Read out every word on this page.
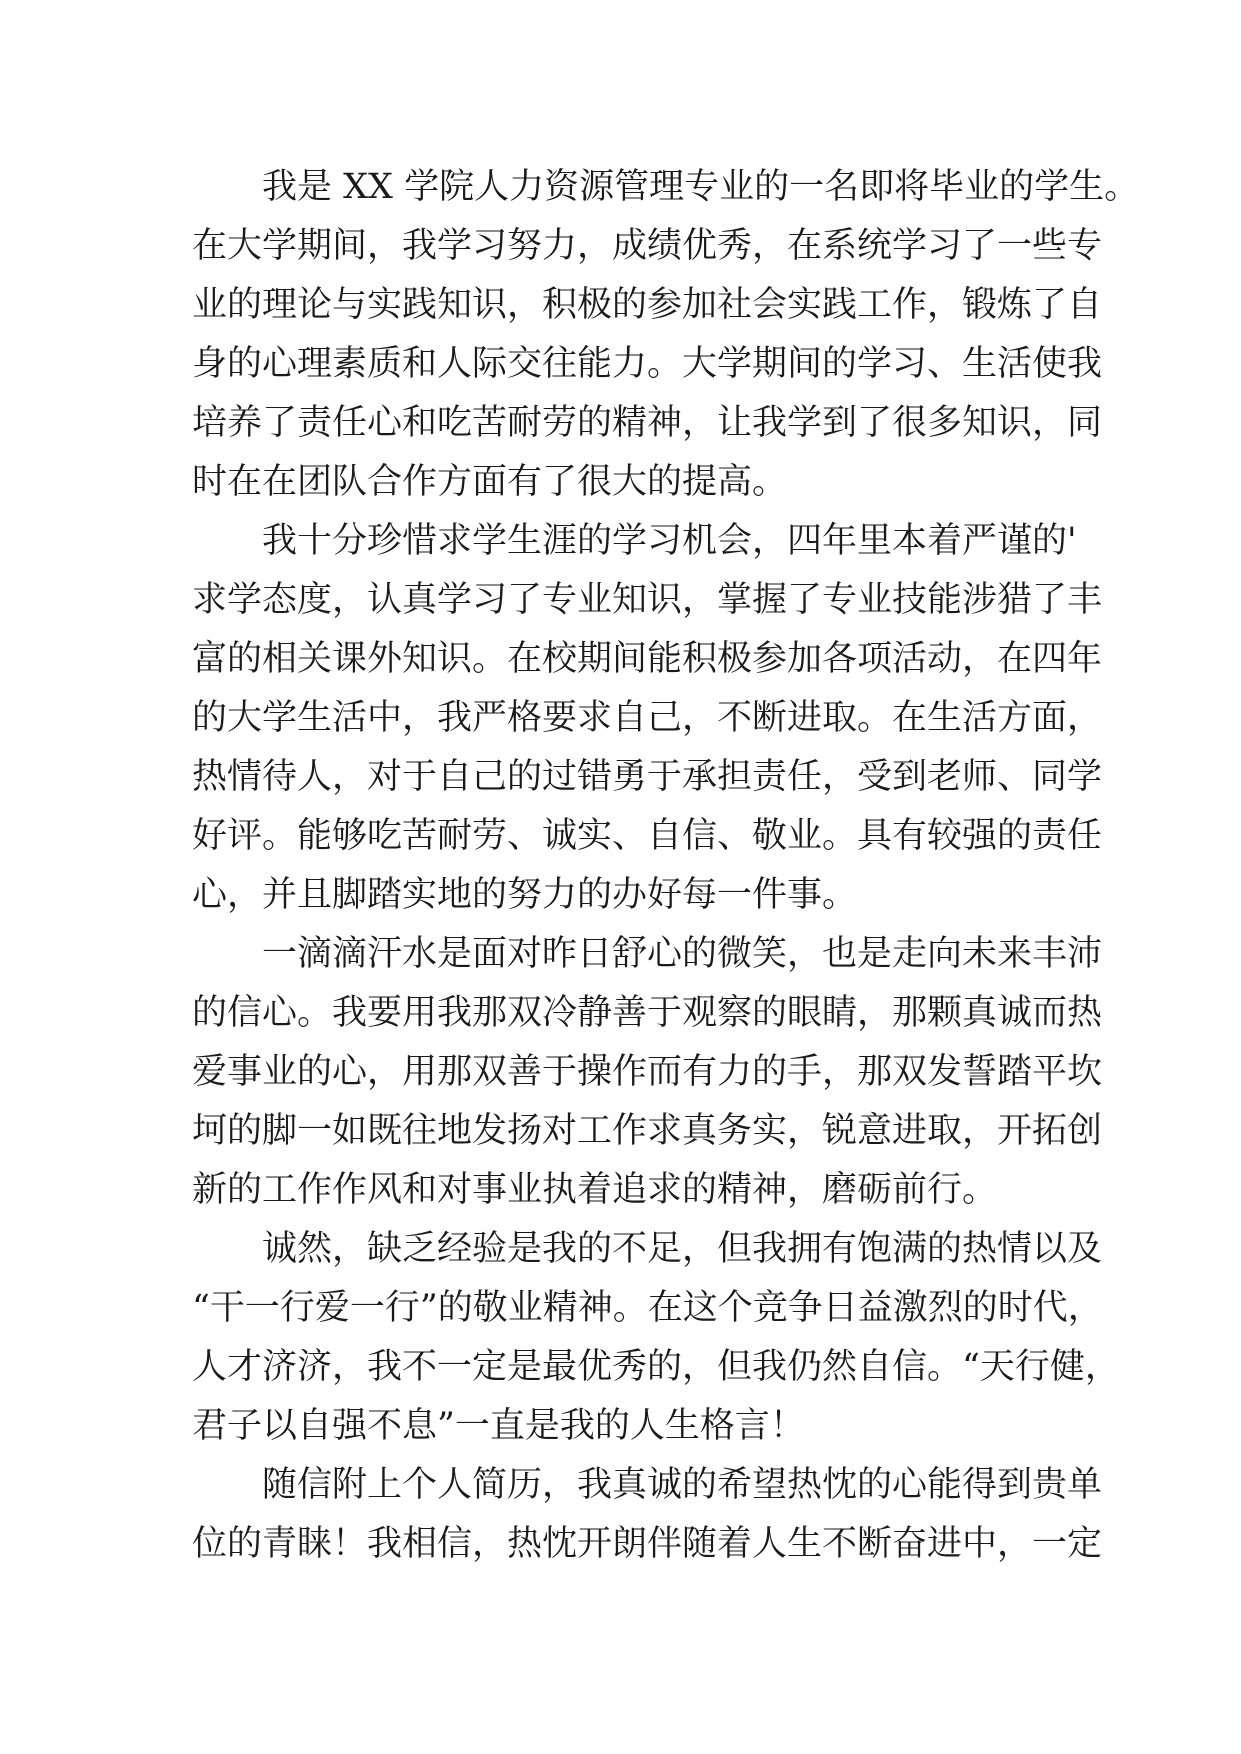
我是 XX 学院人力资源管理专业的一名即将毕业的学生。
在大学期间，我学习努力，成绩优秀，在系统学习了一些专
业的理论与实践知识，积极的参加社会实践工作，锻炼了自
身的心理素质和人际交往能力。大学期间的学习、生活使我
培养了责任心和吃苦耐劳的精神，让我学到了很多知识，同
时在在团队合作方面有了很大的提高。
我十分珍惜求学生涯的学习机会，四年里本着严谨的'
求学态度，认真学习了专业知识，掌握了专业技能涉猎了丰
富的相关课外知识。在校期间能积极参加各项活动，在四年
的大学生活中，我严格要求自己，不断进取。在生活方面，
热情待人，对于自己的过错勇于承担责任，受到老师、同学
好评。能够吃苦耐劳、诚实、自信、敬业。具有较强的责任
心，并且脚踏实地的努力的办好每一件事。
一滴滴汗水是面对昨日舒心的微笑，也是走向未来丰沛
的信心。我要用我那双冷静善于观察的眼睛，那颗真诚而热
爱事业的心，用那双善于操作而有力的手，那双发誓踏平坎
坷的脚一如既往地发扬对工作求真务实，锐意进取，开拓创
新的工作作风和对事业执着追求的精神，磨砺前行。
诚然，缺乏经验是我的不足，但我拥有饱满的热情以及
“干一行爱一行”的敬业精神。在这个竞争日益激烈的时代，
人才济济，我不一定是最优秀的，但我仍然自信。“天行健，
君子以自强不息”一直是我的人生格言！
随信附上个人简历，我真诚的希望热忱的心能得到贵单
位的青睐！我相信，热忱开朗伴随着人生不断奋进中，一定
